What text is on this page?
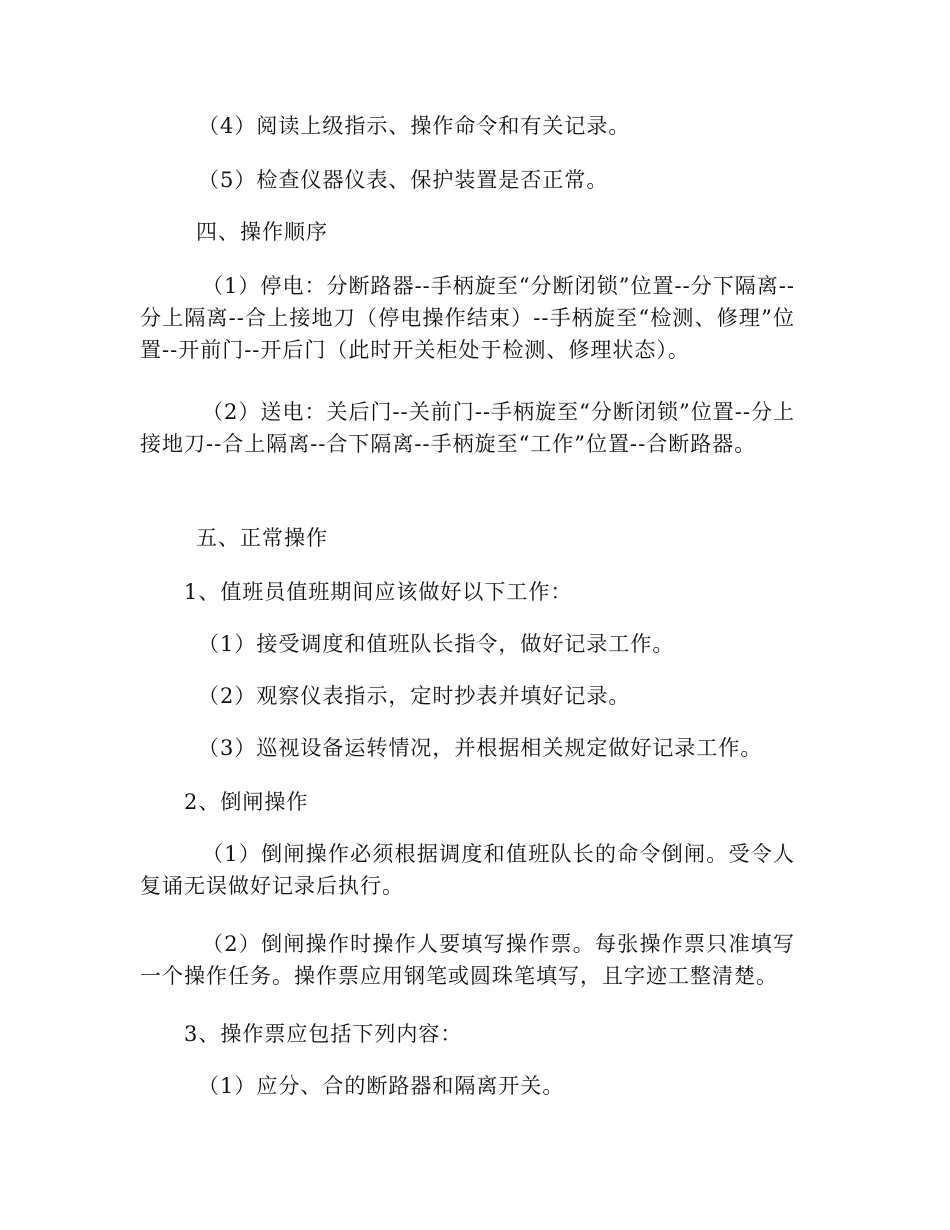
（4）阅读上级指示、操作命令和有关记录。

（5）检查仪器仪表、保护装置是否正常。

四、操作顺序

（1）停电：分断路器--手柄旋至“分断闭锁”位置--分下隔离--分上隔离--合上接地刀（停电操作结束）--手柄旋至“检测、修理”位置--开前门--开后门（此时开关柜处于检测、修理状态）。

（2）送电：关后门--关前门--手柄旋至“分断闭锁”位置--分上接地刀--合上隔离--合下隔离--手柄旋至“工作”位置--合断路器。

五、正常操作

1、值班员值班期间应该做好以下工作：

（1）接受调度和值班队长指令，做好记录工作。

（2）观察仪表指示，定时抄表并填好记录。

（3）巡视设备运转情况，并根据相关规定做好记录工作。

2、倒闸操作

（1）倒闸操作必须根据调度和值班队长的命令倒闸。受令人复诵无误做好记录后执行。

（2）倒闸操作时操作人要填写操作票。每张操作票只准填写一个操作任务。操作票应用钢笔或圆珠笔填写，且字迹工整清楚。

3、操作票应包括下列内容：

（1）应分、合的断路器和隔离开关。
